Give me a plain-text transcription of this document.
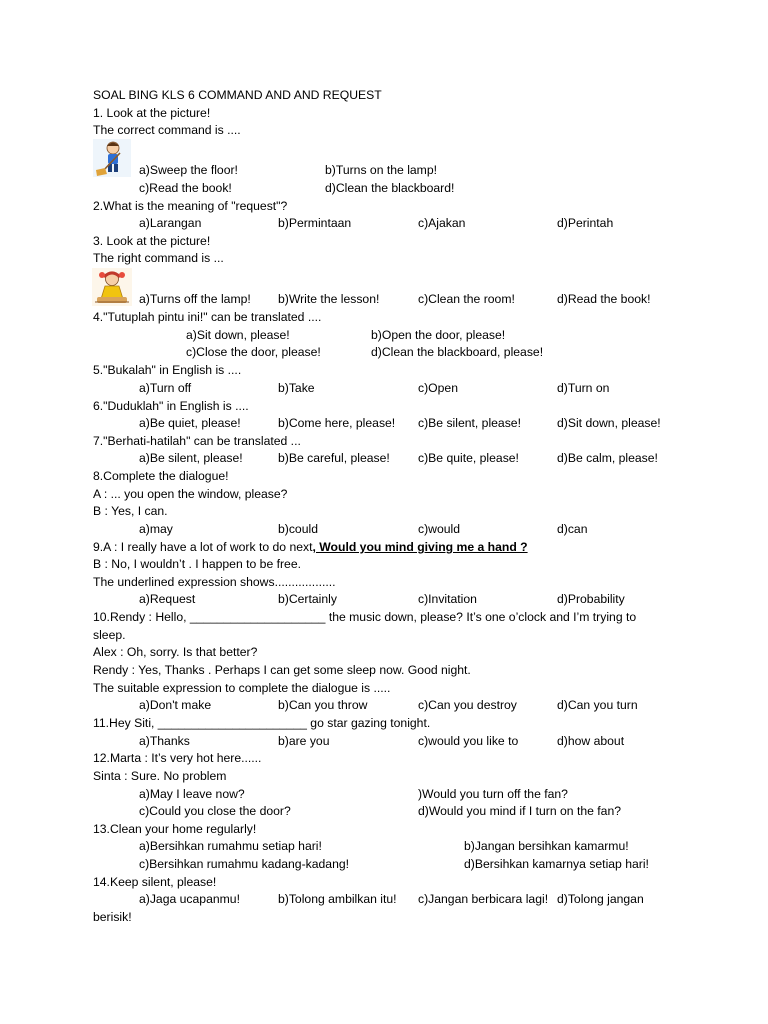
SOAL BING KLS 6 COMMAND AND AND REQUEST
1. Look at the picture!
The correct command is ....
a)Sweep the floor!	b)Turns on the lamp!
c)Read the book!	d)Clean the blackboard!
2.What is the meaning of "request"?
a)Larangan	b)Permintaan	c)Ajakan	d)Perintah
3. Look at the picture!
The right command is ...
a)Turns off the lamp! b)Write the lesson!	c)Clean the room!	d)Read the book!
4."Tutuplah pintu ini!" can be translated ....
a)Sit down, please!	b)Open the door, please!
c)Close the door, please!	d)Clean the blackboard, please!
5."Bukalah" in English is ....
a)Turn off	b)Take	c)Open	d)Turn on
6."Duduklah" in English is ....
a)Be quiet, please!	b)Come here, please! c)Be silent, please!	d)Sit down, please!
7."Berhati-hatilah" can be translated ...
a)Be silent, please!	b)Be careful, please! c)Be quite, please!	d)Be calm, please!
8.Complete the dialogue!
A : ... you open the window, please?
B : Yes, I can.
a)may	b)could	c)would	d)can
9.A : I really have a lot of work to do next, Would you mind giving me a hand ?
B : No, I wouldn’t . I happen to be free.
The underlined expression shows..................
a)Request	b)Certainly	c)Invitation	d)Probability
10.Rendy : Hello, ____________________ the music down, please? It’s one o’clock and I’m trying to
sleep.
Alex : Oh, sorry. Is that better?
Rendy : Yes, Thanks . Perhaps I can get some sleep now. Good night.
The suitable expression to complete the dialogue is .....
a)Don't make	b)Can you throw	c)Can you destroy	d)Can you turn
11.Hey Siti, ______________________ go star gazing tonight.
a)Thanks	b)are you	c)would you like to	d)how about
12.Marta : It’s very hot here......
Sinta : Sure. No problem
a)May I leave now?	)Would you turn off the fan?
c)Could you close the door?	d)Would you mind if I turn on the fan?
13.Clean your home regularly!
a)Bersihkan rumahmu setiap hari!	b)Jangan bersihkan kamarmu!
c)Bersihkan rumahmu kadang-kadang!	d)Bersihkan kamarnya setiap hari!
14.Keep silent, please!
a)Jaga ucapanmu!	b)Tolong ambilkan itu! c)Jangan berbicara lagi! d)Tolong jangan
berisik!
